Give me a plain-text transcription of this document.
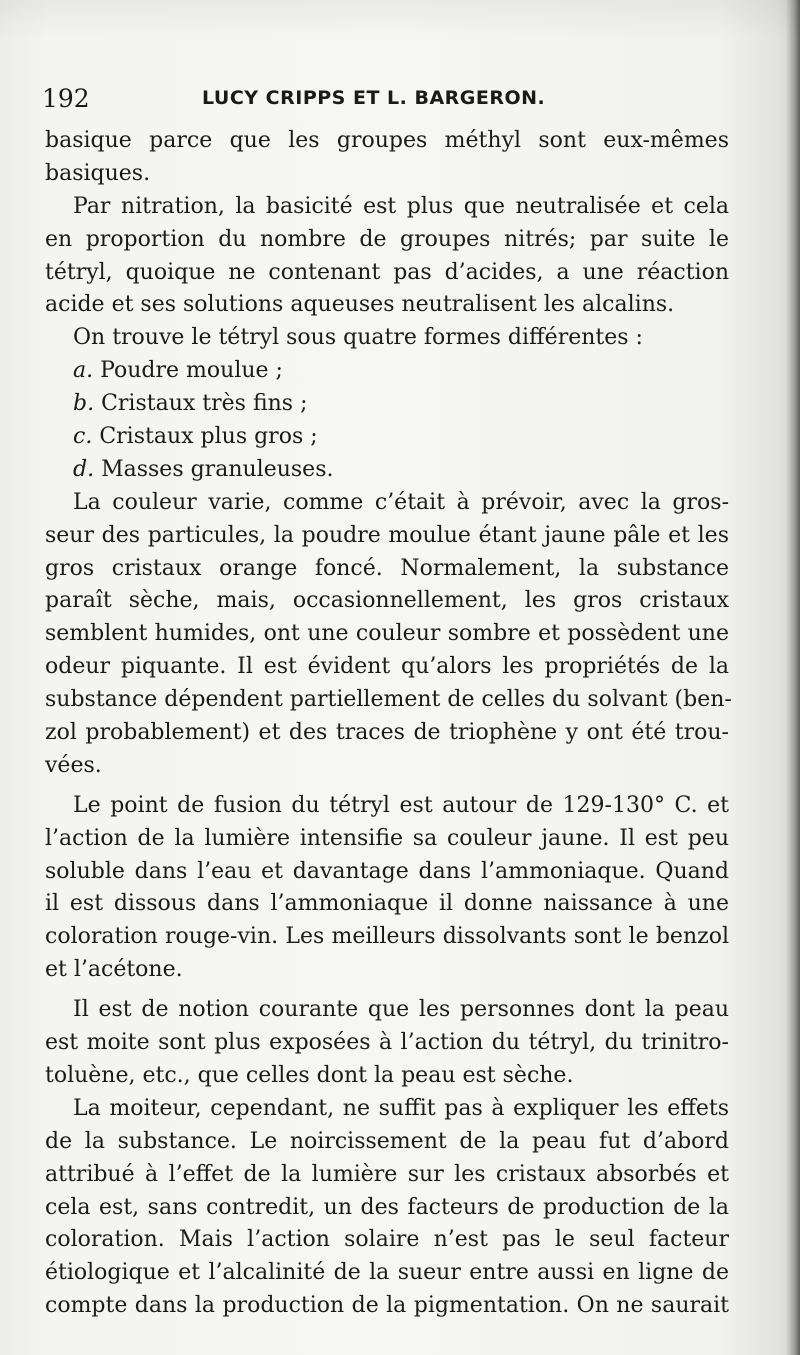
192	LUCY CRIPPS ET L. BARGERON.
basique parce que les groupes méthyl sont eux-mêmes
basiques.
Par nitration, la basicité est plus que neutralisée et cela
en proportion du nombre de groupes nitrés; par suite le
tétryl, quoique ne contenant pas d’acides, a une réaction
acide et ses solutions aqueuses neutralisent les alcalins.
On trouve le tétryl sous quatre formes différentes :
a. Poudre moulue ;
b. Cristaux très fins ;
c. Cristaux plus gros ;
d. Masses granuleuses.
La couleur varie, comme c’était à prévoir, avec la gros-
seur des particules, la poudre moulue étant jaune pâle et les
gros cristaux orange foncé. Normalement, la substance
paraît sèche, mais, occasionnellement, les gros cristaux
semblent humides, ont une couleur sombre et possèdent une
odeur piquante. Il est évident qu’alors les propriétés de la
substance dépendent partiellement de celles du solvant (ben-
zol probablement) et des traces de triophène y ont été trou-
vées.
Le point de fusion du tétryl est autour de 129-130° C. et
l’action de la lumière intensifie sa couleur jaune. Il est peu
soluble dans l’eau et davantage dans l’ammoniaque. Quand
il est dissous dans l’ammoniaque il donne naissance à une
coloration rouge-vin. Les meilleurs dissolvants sont le benzol
et l’acétone.
Il est de notion courante que les personnes dont la peau
est moite sont plus exposées à l’action du tétryl, du trinitro-
toluène, etc., que celles dont la peau est sèche.
La moiteur, cependant, ne suffit pas à expliquer les effets
de la substance. Le noircissement de la peau fut d’abord
attribué à l’effet de la lumière sur les cristaux absorbés et
cela est, sans contredit, un des facteurs de production de la
coloration. Mais l’action solaire n’est pas le seul facteur
étiologique et l’alcalinité de la sueur entre aussi en ligne de
compte dans la production de la pigmentation. On ne saurait
